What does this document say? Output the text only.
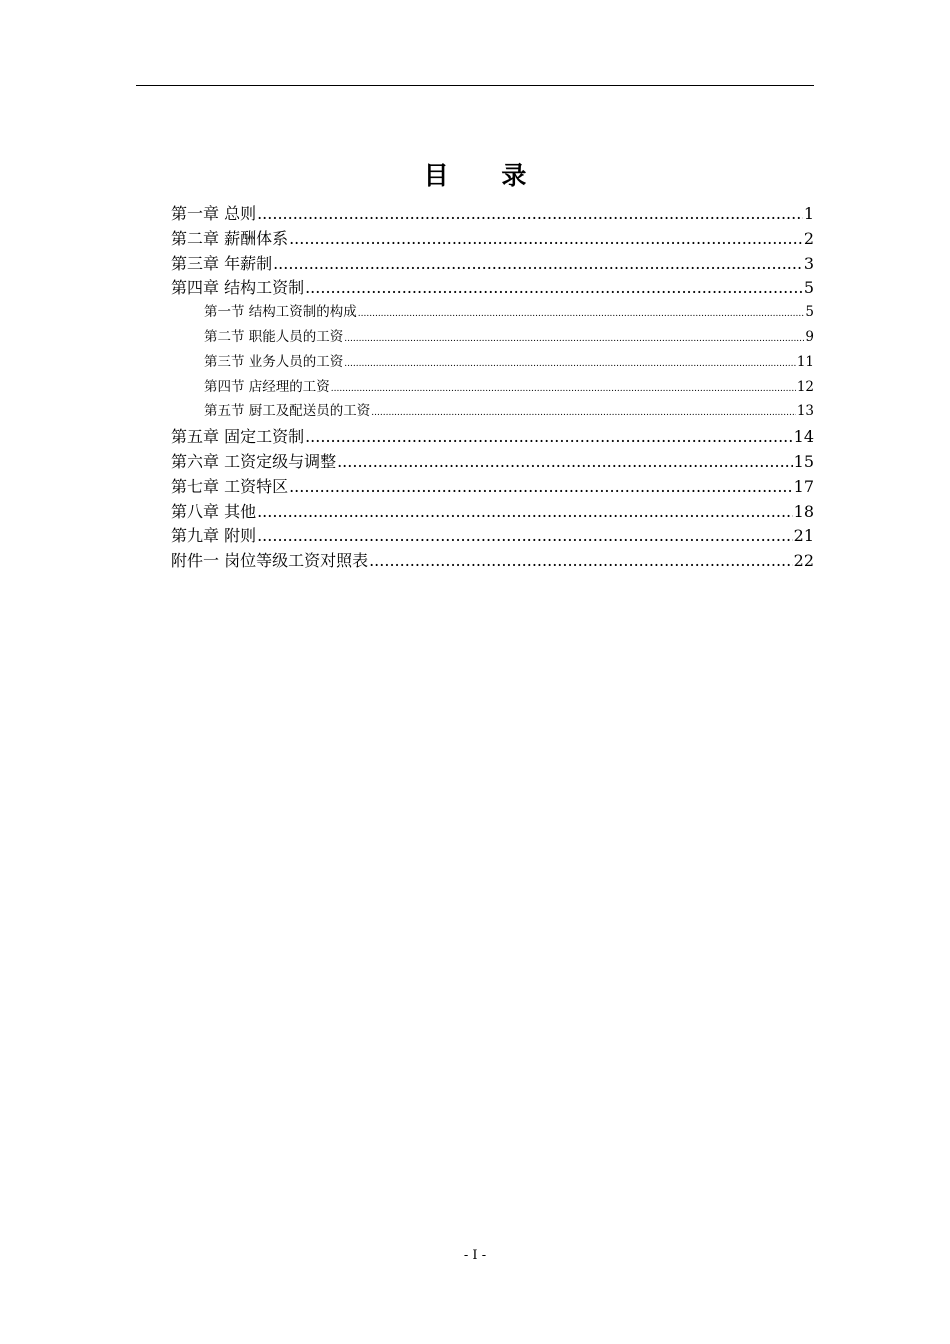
目 录
第一章 总则 .....	1
第二章 薪酬体系 .....	2
第三章 年薪制 .....	3
第四章 结构工资制 .....	5
第一节 结构工资制的构成 .....	5
第二节 职能人员的工资 .....	9
第三节 业务人员的工资 .....	11
第四节 店经理的工资 .....	12
第五节 厨工及配送员的工资 .....	13
第五章 固定工资制 .....	14
第六章 工资定级与调整 .....	15
第七章 工资特区 .....	17
第八章 其他 .....	18
第九章 附则 .....	21
附件一 岗位等级工资对照表 .....	22
- I -
